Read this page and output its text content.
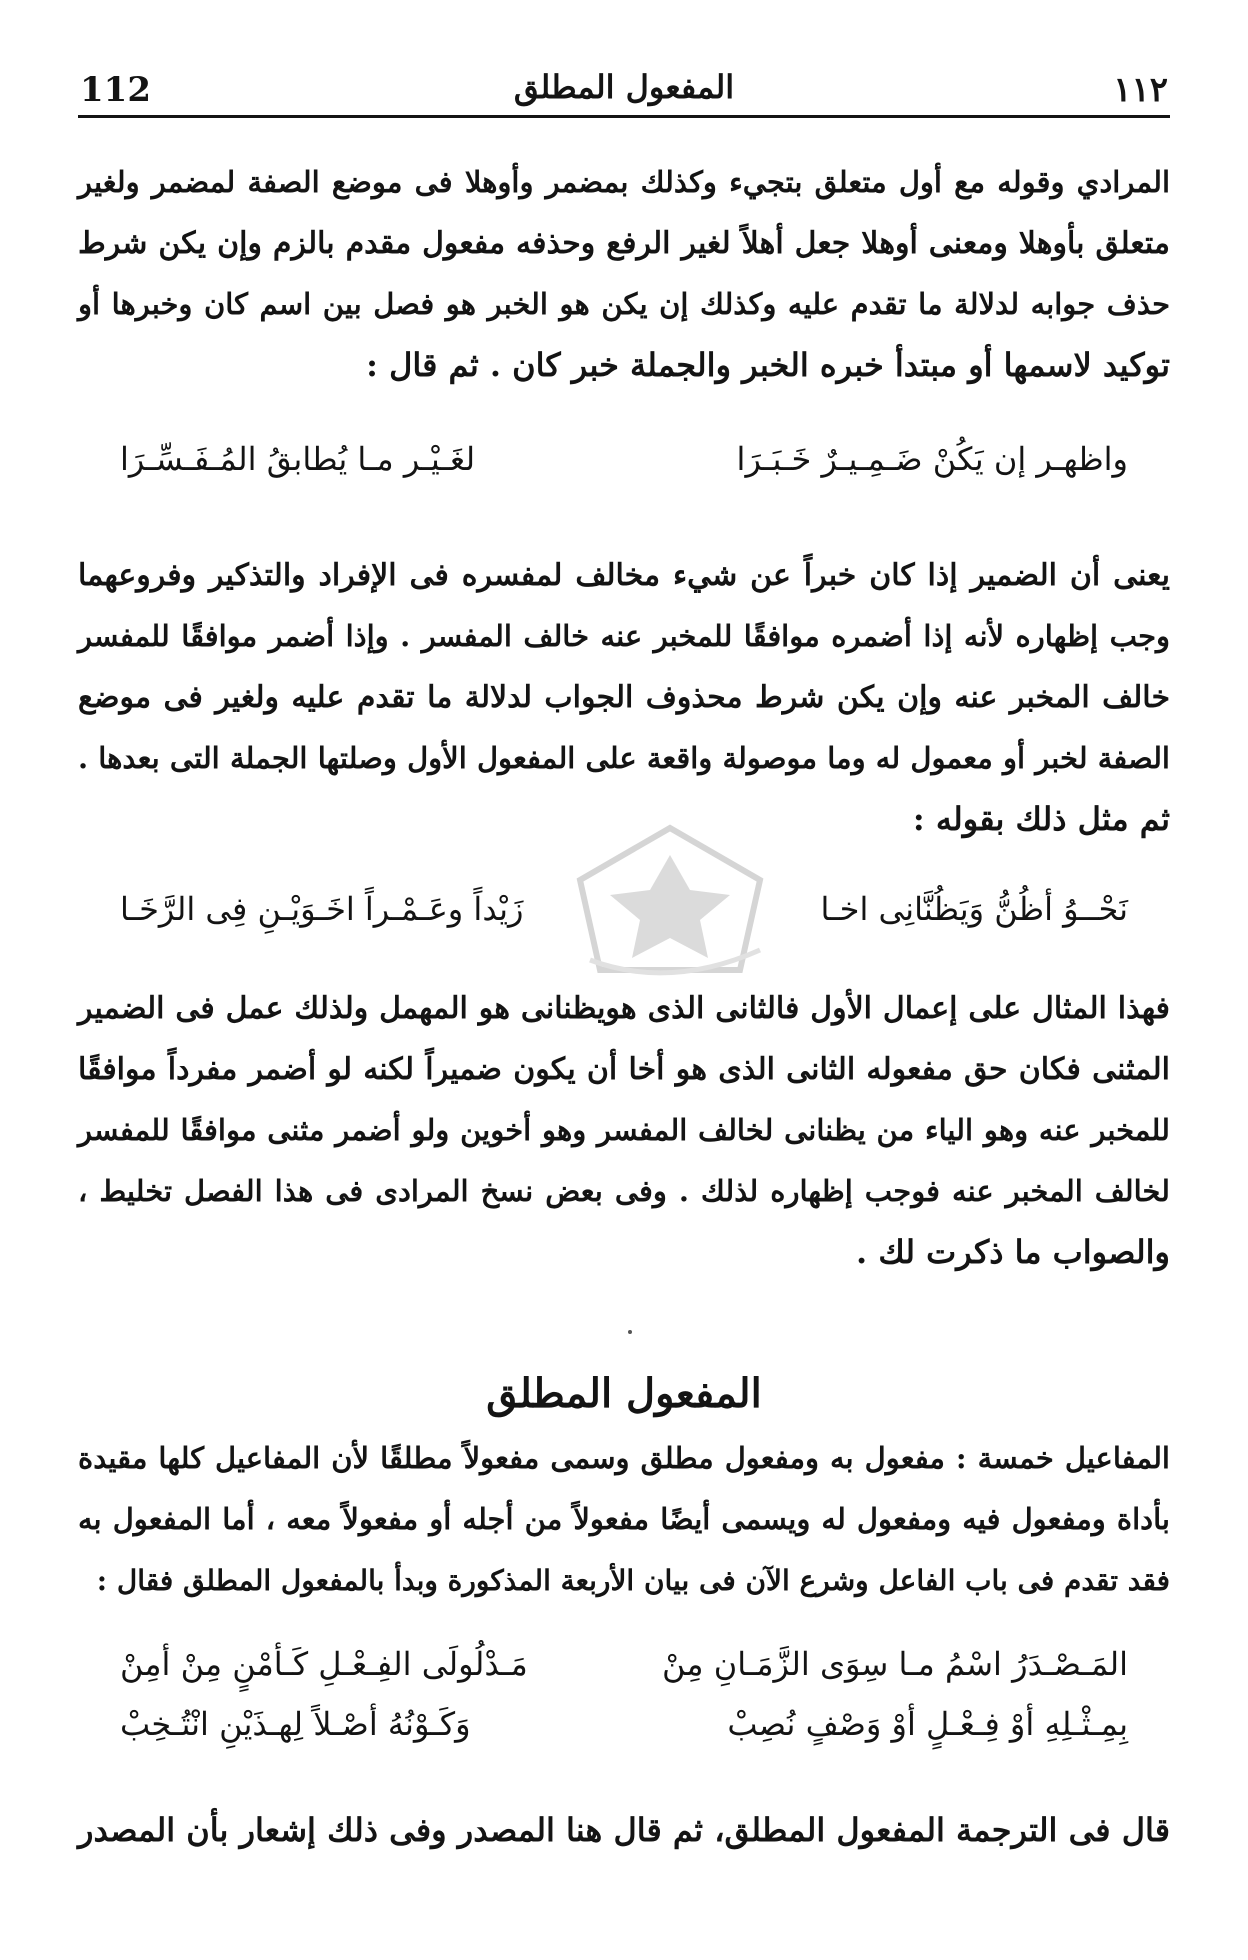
112	المفعول المطلق	١١٢
المرادي وقوله مع أول متعلق بتجيء وكذلك بمضمر وأوهلا فى موضع الصفة لمضمر ولغير
متعلق بأوهلا ومعنى أوهلا جعل أهلاً لغير الرفع وحذفه مفعول مقدم بالزم وإن يكن شرط
حذف جوابه لدلالة ما تقدم عليه وكذلك إن يكن هو الخبر هو فصل بين اسم كان وخبرها أو
توكيد لاسمها أو مبتدأ خبره الخبر والجملة خبر كان . ثم قال :
واظهـر إن يَكُنْ ضَـمِـيـرٌ خَـبَـرَا
لغَـيْـر مـا يُطابقُ المُـفَـسِّـرَا
يعنى أن الضمير إذا كان خبراً عن شيء مخالف لمفسره فى الإفراد والتذكير وفروعهما
وجب إظهاره لأنه إذا أضمره موافقًا للمخبر عنه خالف المفسر . وإذا أضمر موافقًا للمفسر
خالف المخبر عنه وإن يكن شرط محذوف الجواب لدلالة ما تقدم عليه ولغير فى موضع
الصفة لخبر أو معمول له وما موصولة واقعة على المفعول الأول وصلتها الجملة التى بعدها .
ثم مثل ذلك بقوله :
نَحْــوُ أظُنُّ وَيَظُنَّانِى اخـا
زَيْداً وعَـمْـراً اخَـوَيْـنِ فِى الرَّخَـا
فهذا المثال على إعمال الأول فالثانى الذى هويظنانى هو المهمل ولذلك عمل فى الضمير
المثنى فكان حق مفعوله الثانى الذى هو أخا أن يكون ضميراً لكنه لو أضمر مفرداً موافقًا
للمخبر عنه وهو الياء من يظنانى لخالف المفسر وهو أخوين ولو أضمر مثنى موافقًا للمفسر
لخالف المخبر عنه فوجب إظهاره لذلك . وفى بعض نسخ المرادى فى هذا الفصل تخليط ،
والصواب ما ذكرت لك .
المفعول المطلق
المفاعيل خمسة : مفعول به ومفعول مطلق وسمى مفعولاً مطلقًا لأن المفاعيل كلها مقيدة
بأداة ومفعول فيه ومفعول له ويسمى أيضًا مفعولاً من أجله أو مفعولاً معه ، أما المفعول به
فقد تقدم فى باب الفاعل وشرع الآن فى بيان الأربعة المذكورة وبدأ بالمفعول المطلق فقال :
المَـصْـدَرُ اسْمُ مـا سِوَى الزَّمَـانِ مِنْ
مَـدْلُولَى الفِـعْـلِ كَـأمْنٍ مِنْ أمِنْ
بِمِـثْـلِهِ أوْ فِـعْـلٍ أوْ وَصْفٍ نُصِبْ
وَكَـوْنُهُ أصْـلاً لِهـذَيْنِ انْتُـخِبْ
قال فى الترجمة المفعول المطلق، ثم قال هنا المصدر وفى ذلك إشعار بأن المصدر
